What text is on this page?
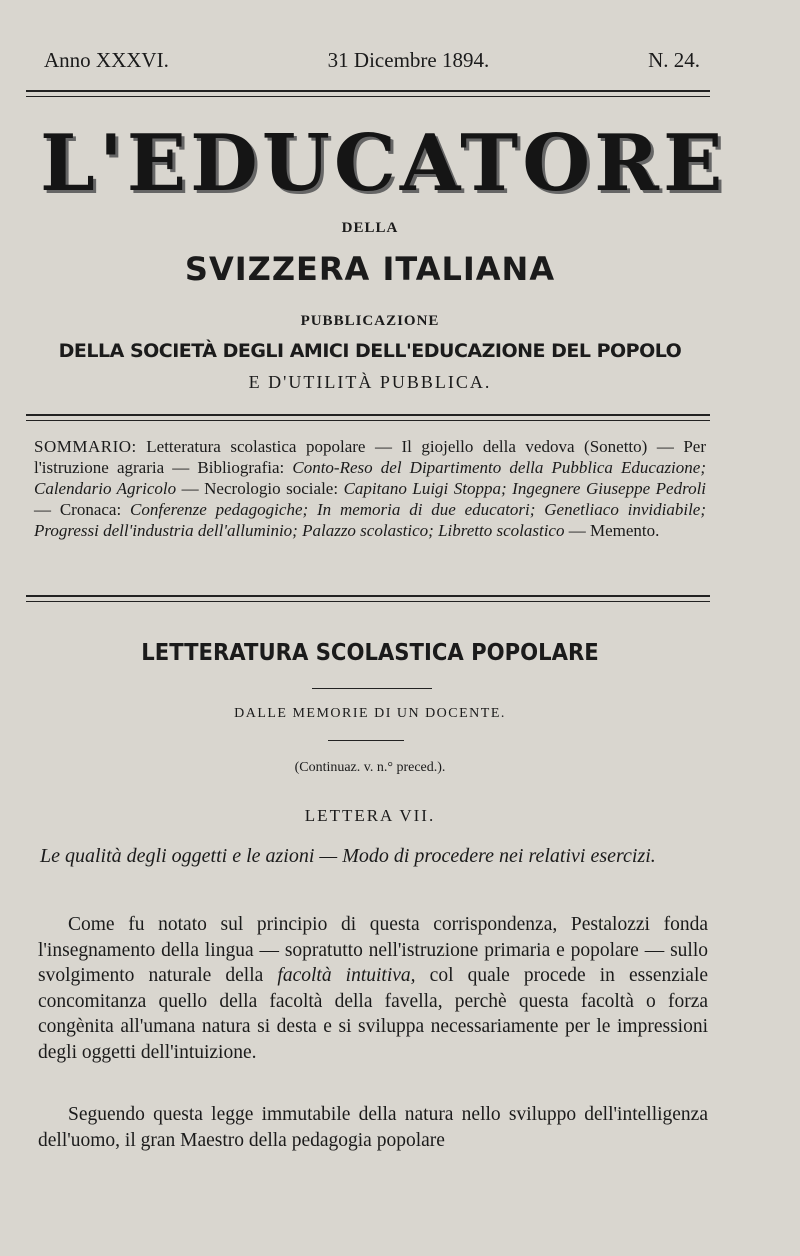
Anno XXXVI.	31 Dicembre 1894.	N. 24.
L'EDUCATORE
DELLA
SVIZZERA ITALIANA
PUBBLICAZIONE
DELLA SOCIETÀ DEGLI AMICI DELL'EDUCAZIONE DEL POPOLO
E D'UTILITÀ PUBBLICA.
SOMMARIO: Letteratura scolastica popolare — Il giojello della vedova (Sonetto) — Per l'istruzione agraria — Bibliografia: Conto-Reso del Dipartimento della Pubblica Educazione; Calendario Agricolo — Necrologio sociale: Capitano Luigi Stoppa; Ingegnere Giuseppe Pedroli — Cronaca: Conferenze pedagogiche; In memoria di due educatori; Genetliaco invidiabile; Progressi dell'industria dell'alluminio; Palazzo scolastico; Libretto scolastico — Memento.
LETTERATURA SCOLASTICA POPOLARE
DALLE MEMORIE DI UN DOCENTE.
(Continuaz. v. n.° preced.).
LETTERA VII.
Le qualità degli oggetti e le azioni — Modo di procedere nei relativi esercizi.
Come fu notato sul principio di questa corrispondenza, Pestalozzi fonda l'insegnamento della lingua — sopratutto nell'istruzione primaria e popolare — sullo svolgimento naturale della facoltà intuitiva, col quale procede in essenziale concomitanza quello della facoltà della favella, perchè questa facoltà o forza congènita all'umana natura si desta e si sviluppa necessariamente per le impressioni degli oggetti dell'intuizione.
Seguendo questa legge immutabile della natura nello sviluppo dell'intelligenza dell'uomo, il gran Maestro della pedagogia popolare
